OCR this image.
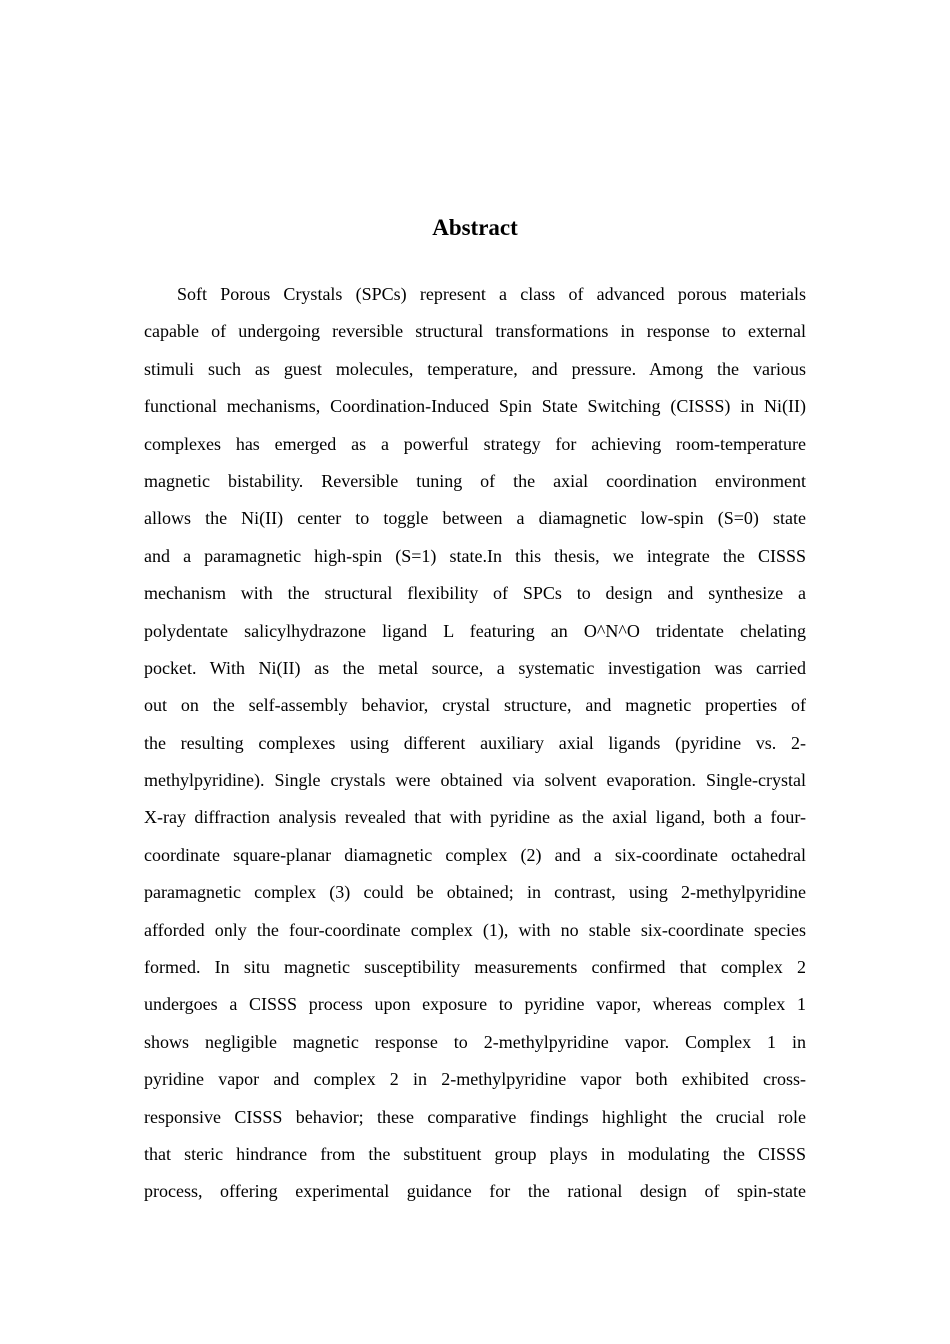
Abstract
Soft Porous Crystals (SPCs) represent a class of advanced porous materials
capable of undergoing reversible structural transformations in response to external
stimuli such as guest molecules, temperature, and pressure. Among the various
functional mechanisms, Coordination-Induced Spin State Switching (CISSS) in Ni(II)
complexes has emerged as a powerful strategy for achieving room-temperature
magnetic bistability. Reversible tuning of the axial coordination environment
allows the Ni(II) center to toggle between a diamagnetic low-spin (S=0) state
and a paramagnetic high-spin (S=1) state.In this thesis, we integrate the CISSS
mechanism with the structural flexibility of SPCs to design and synthesize a
polydentate salicylhydrazone ligand L featuring an O^N^O tridentate chelating
pocket. With Ni(II) as the metal source, a systematic investigation was carried
out on the self-assembly behavior, crystal structure, and magnetic properties of
the resulting complexes using different auxiliary axial ligands (pyridine vs. 2-
methylpyridine). Single crystals were obtained via solvent evaporation. Single-crystal
X-ray diffraction analysis revealed that with pyridine as the axial ligand, both a four-
coordinate square-planar diamagnetic complex (2) and a six-coordinate octahedral
paramagnetic complex (3) could be obtained; in contrast, using 2-methylpyridine
afforded only the four-coordinate complex (1), with no stable six-coordinate species
formed. In situ magnetic susceptibility measurements confirmed that complex 2
undergoes a CISSS process upon exposure to pyridine vapor, whereas complex 1
shows negligible magnetic response to 2-methylpyridine vapor. Complex 1 in
pyridine vapor and complex 2 in 2-methylpyridine vapor both exhibited cross-
responsive CISSS behavior; these comparative findings highlight the crucial role
that steric hindrance from the substituent group plays in modulating the CISSS
process, offering experimental guidance for the rational design of spin-state
